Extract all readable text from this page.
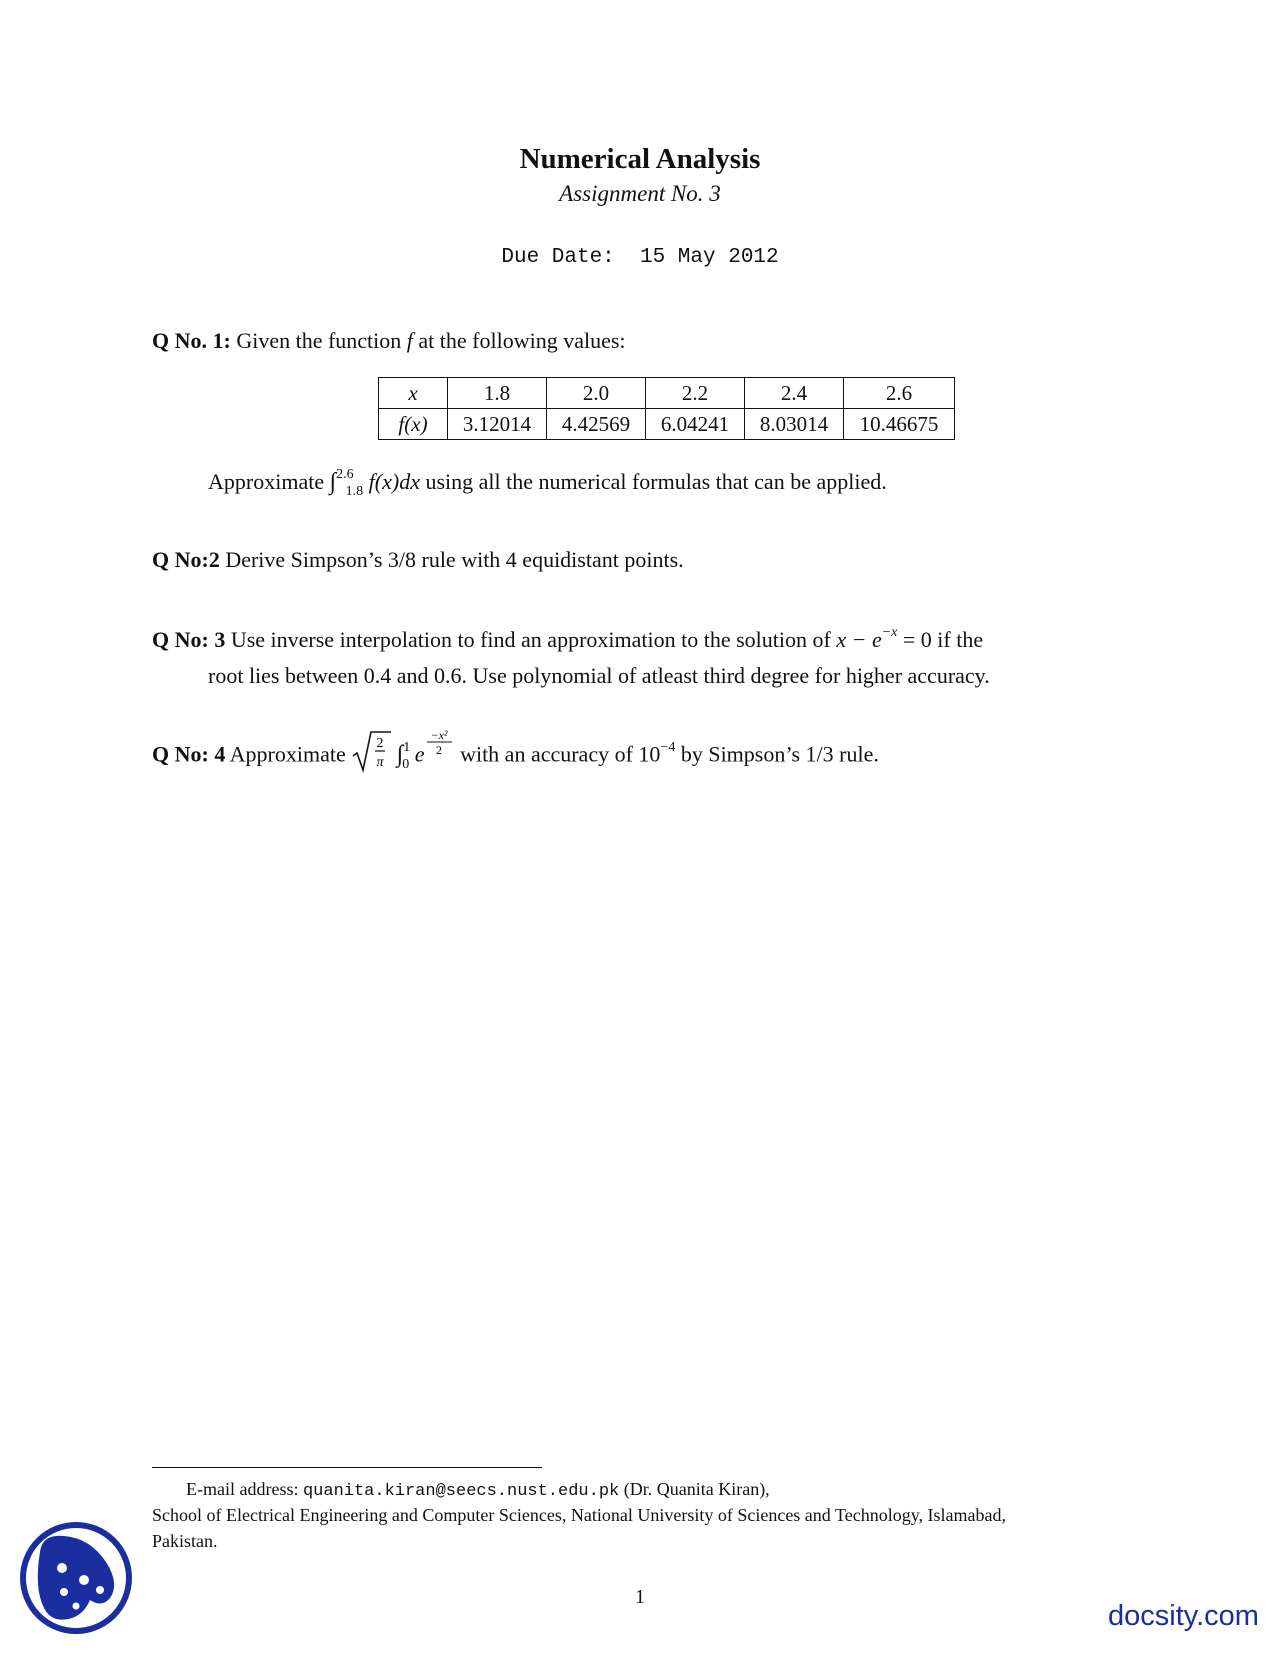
Numerical Analysis
Assignment No. 3
Due Date: 15 May 2012
Q No. 1: Given the function f at the following values:
x	1.8	2.0	2.2	2.4	2.6
f(x)	3.12014	4.42569	6.04241	8.03014	10.46675
Approximate ∫$^{2.6}_{1.8}$ f(x)dx using all the numerical formulas that can be applied.
Q No:2 Derive Simpson’s 3/8 rule with 4 equidistant points.
Q No: 3 Use inverse interpolation to find an approximation to the solution of $x - e^{-x} = 0$ if the
root lies between 0.4 and 0.6. Use polynomial of atleast third degree for higher accuracy.
Q No: 4 Approximate 2
π ∫$^1_0$ e
−x²
2 with an accuracy of $10^{-4}$ by Simpson’s 1/3 rule.
E-mail address: quanita.kiran@seecs.nust.edu.pk (Dr. Quanita Kiran),
School of Electrical Engineering and Computer Sciences, National University of Sciences and Technology, Islamabad,
Pakistan.
1
docsity.com
